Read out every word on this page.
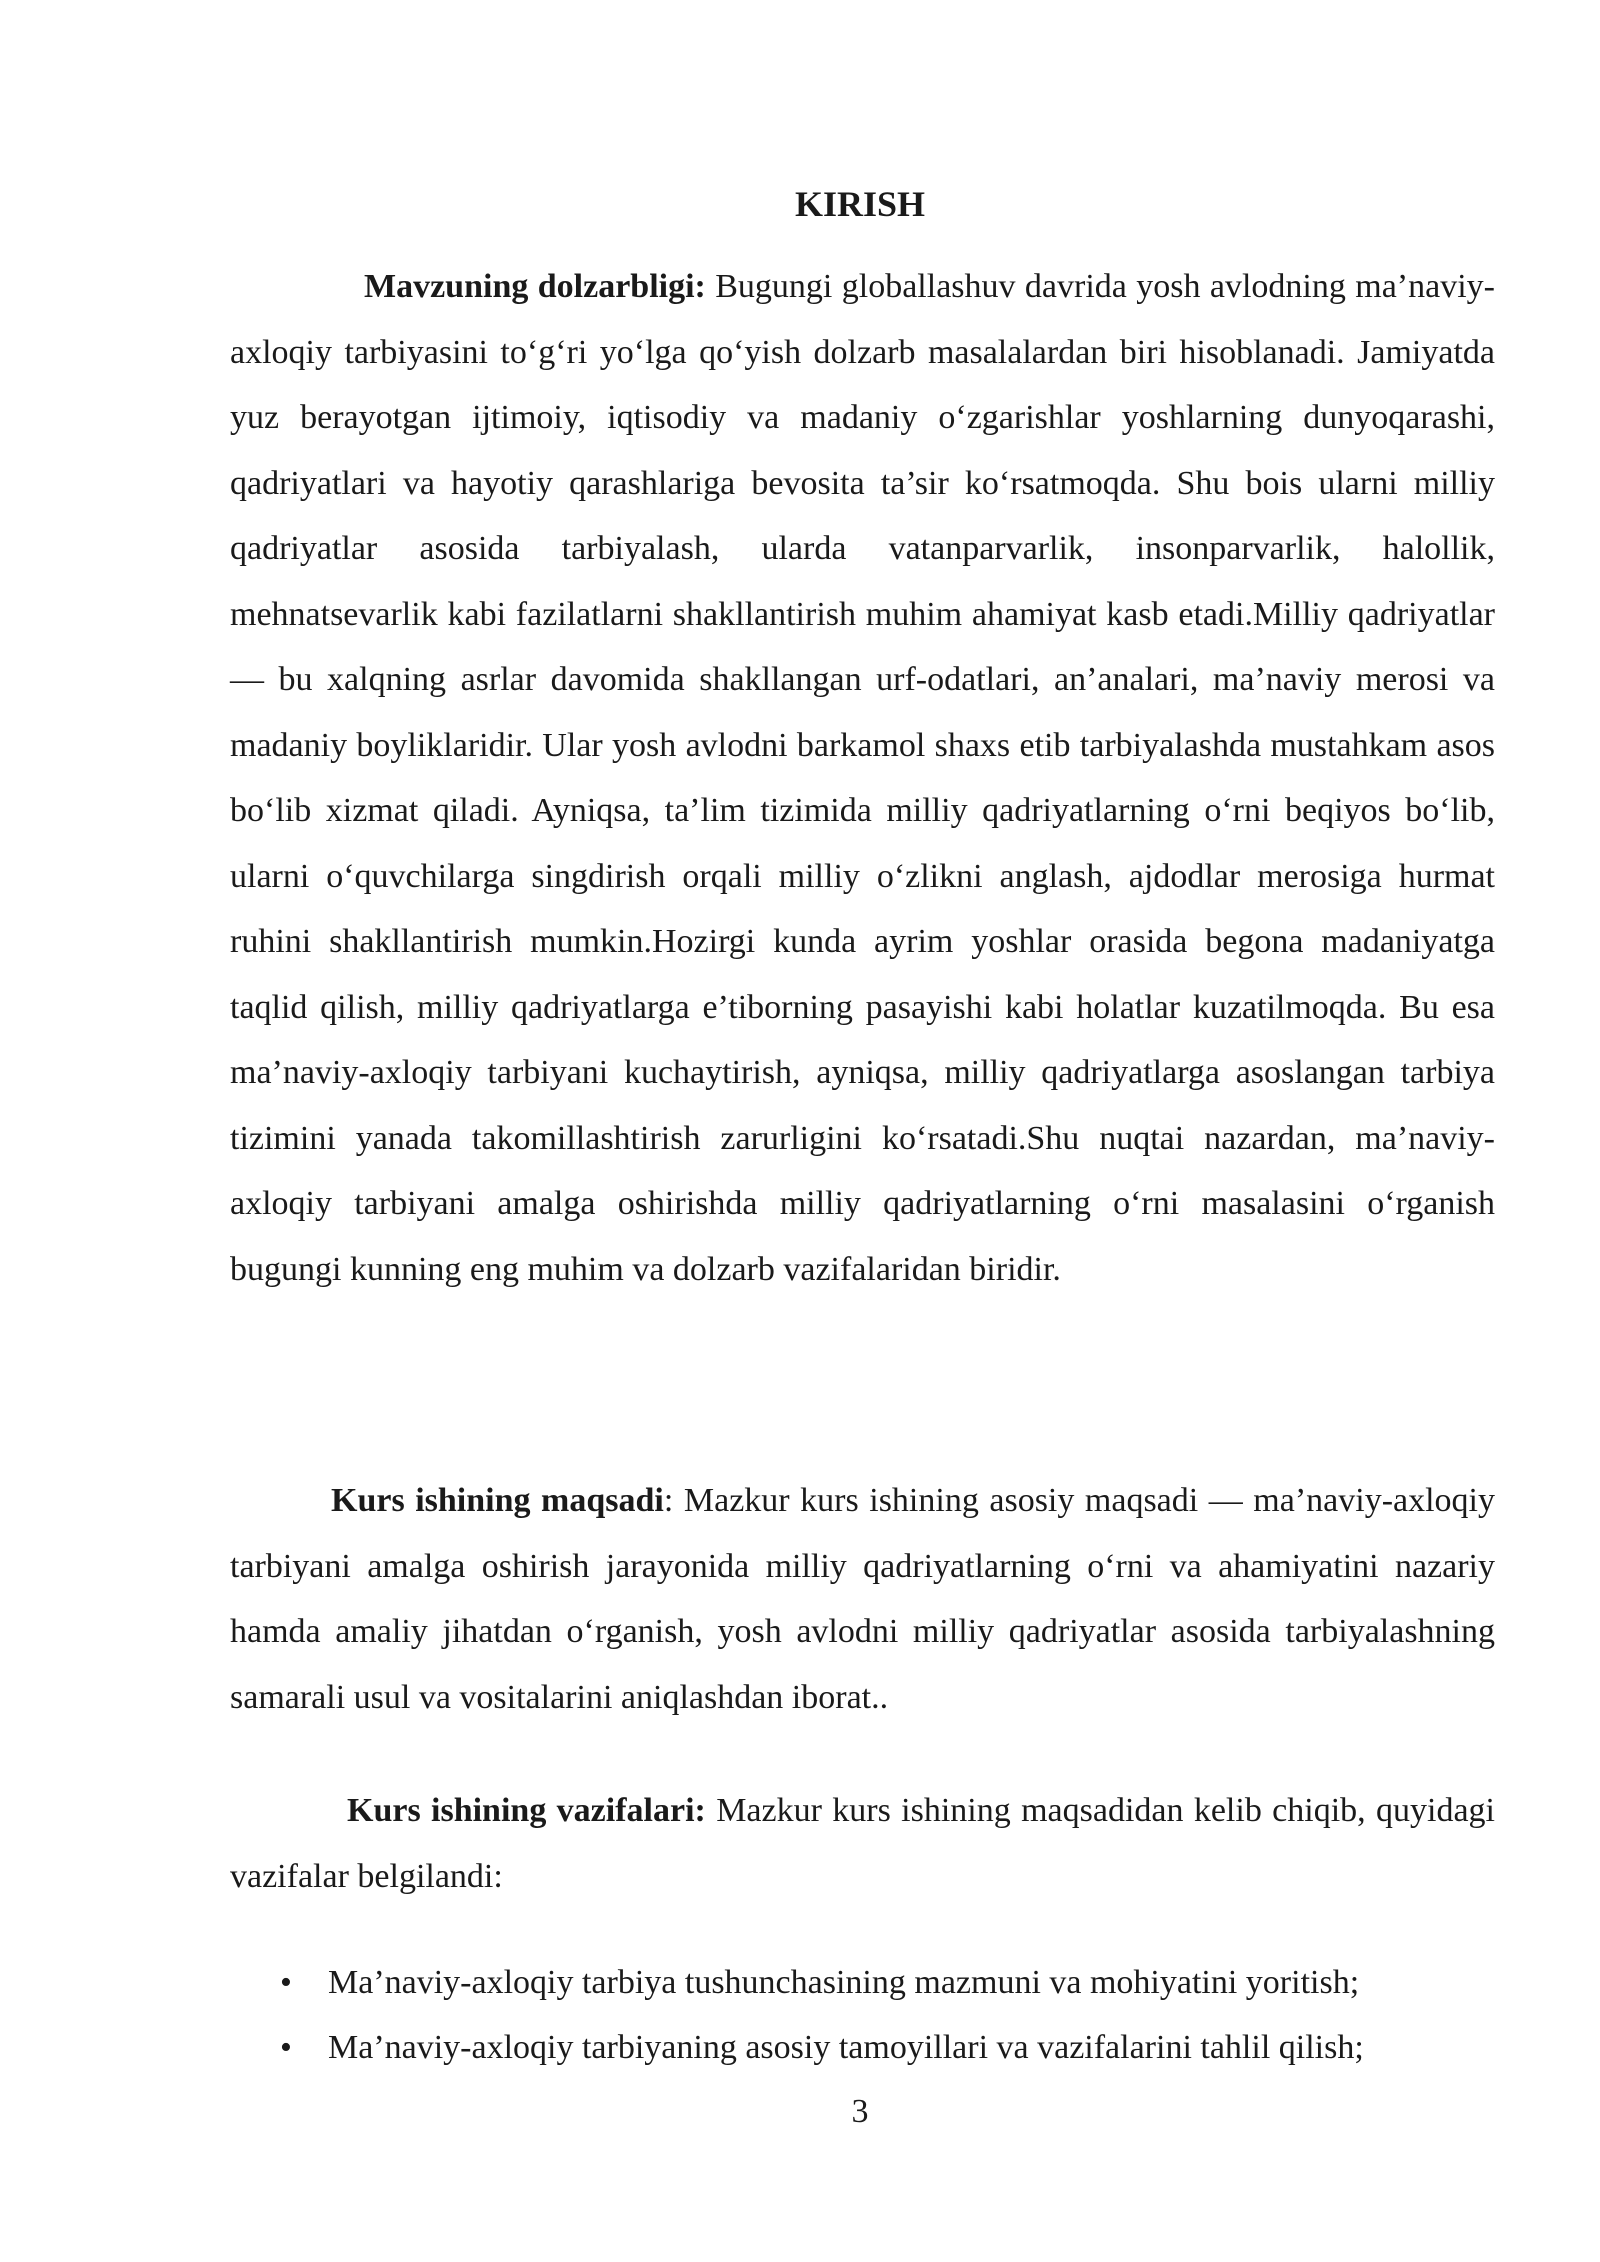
KIRISH

Mavzuning dolzarbligi: Bugungi globallashuv davrida yosh avlodning ma’naviy-axloqiy tarbiyasini to‘g‘ri yo‘lga qo‘yish dolzarb masalalardan biri hisoblanadi. Jamiyatda yuz berayotgan ijtimoiy, iqtisodiy va madaniy o‘zgarishlar yoshlarning dunyoqarashi, qadriyatlari va hayotiy qarashlariga bevosita ta’sir ko‘rsatmoqda. Shu bois ularni milliy qadriyatlar asosida tarbiyalash, ularda vatanparvarlik, insonparvarlik, halollik, mehnatsevarlik kabi fazilatlarni shakllantirish muhim ahamiyat kasb etadi.Milliy qadriyatlar — bu xalqning asrlar davomida shakllangan urf-odatlari, an’analari, ma’naviy merosi va madaniy boyliklaridir. Ular yosh avlodni barkamol shaxs etib tarbiyalashda mustahkam asos bo‘lib xizmat qiladi. Ayniqsa, ta’lim tizimida milliy qadriyatlarning o‘rni beqiyos bo‘lib, ularni o‘quvchilarga singdirish orqali milliy o‘zlikni anglash, ajdodlar merosiga hurmat ruhini shakllantirish mumkin.Hozirgi kunda ayrim yoshlar orasida begona madaniyatga taqlid qilish, milliy qadriyatlarga e’tiborning pasayishi kabi holatlar kuzatilmoqda. Bu esa ma’naviy-axloqiy tarbiyani kuchaytirish, ayniqsa, milliy qadriyatlarga asoslangan tarbiya tizimini yanada takomillashtirish zarurligini ko‘rsatadi.Shu nuqtai nazardan, ma’naviy-axloqiy tarbiyani amalga oshirishda milliy qadriyatlarning o‘rni masalasini o‘rganish bugungi kunning eng muhim va dolzarb vazifalaridan biridir.

Kurs ishining maqsadi: Mazkur kurs ishining asosiy maqsadi — ma’naviy-axloqiy tarbiyani amalga oshirish jarayonida milliy qadriyatlarning o‘rni va ahamiyatini nazariy hamda amaliy jihatdan o‘rganish, yosh avlodni milliy qadriyatlar asosida tarbiyalashning samarali usul va vositalarini aniqlashdan iborat..

Kurs ishining vazifalari: Mazkur kurs ishining maqsadidan kelib chiqib, quyidagi vazifalar belgilandi:

• Ma’naviy-axloqiy tarbiya tushunchasining mazmuni va mohiyatini yoritish;
• Ma’naviy-axloqiy tarbiyaning asosiy tamoyillari va vazifalarini tahlil qilish;
3
